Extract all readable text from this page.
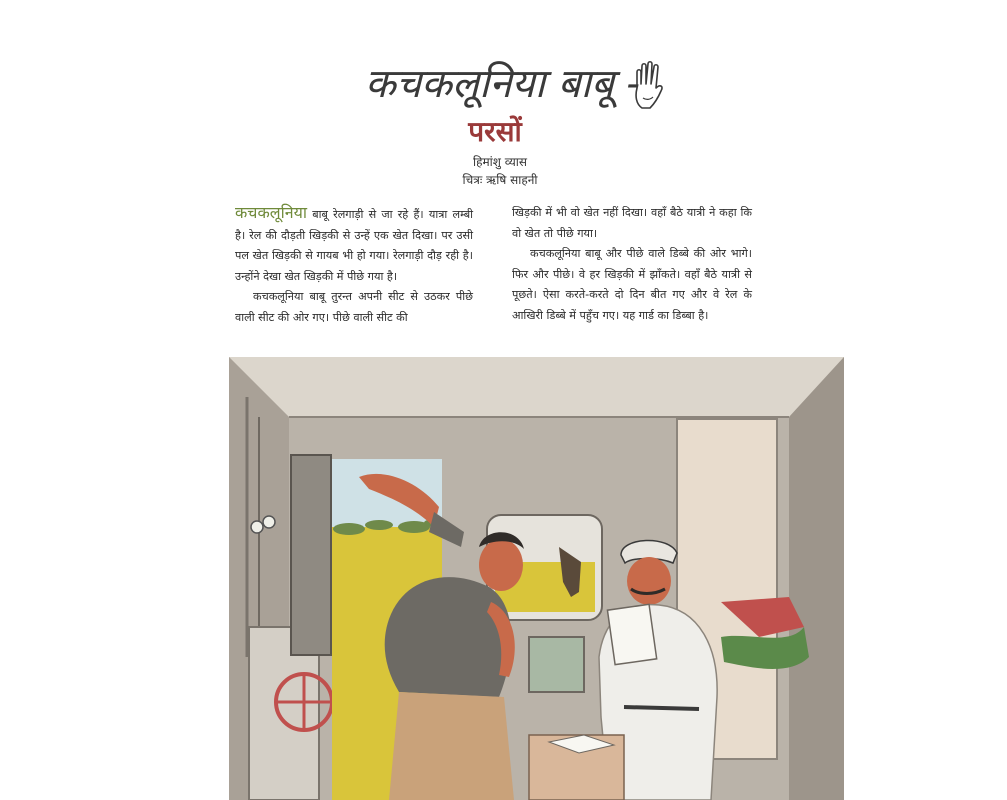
कचकलूनिया बाबू -
परसों
हिमांशु व्यास
चित्रः ऋषि साहनी

कचकलूनिया बाबू रेलगाड़ी से जा रहे हैं। यात्रा लम्बी है। रेल की दौड़ती खिड़की से उन्हें एक खेत दिखा। पर उसी पल खेत खिड़की से गायब भी हो गया। रेलगाड़ी दौड़ रही है। उन्होंने देखा खेत खिड़की में पीछे गया है।

कचकलूनिया बाबू तुरन्त अपनी सीट से उठकर पीछे वाली सीट की ओर गए। पीछे वाली सीट की

खिड़की में भी वो खेत नहीं दिखा। वहाँ बैठे यात्री ने कहा कि वो खेत तो पीछे गया।

कचकलूनिया बाबू और पीछे वाले डिब्बे की ओर भागे। फिर और पीछे। वे हर खिड़की में झाँकते। वहाँ बैठे यात्री से पूछते। ऐसा करते-करते दो दिन बीत गए और वे रेल के आखिरी डिब्बे में पहुँच गए। यह गार्ड का डिब्बा है।
